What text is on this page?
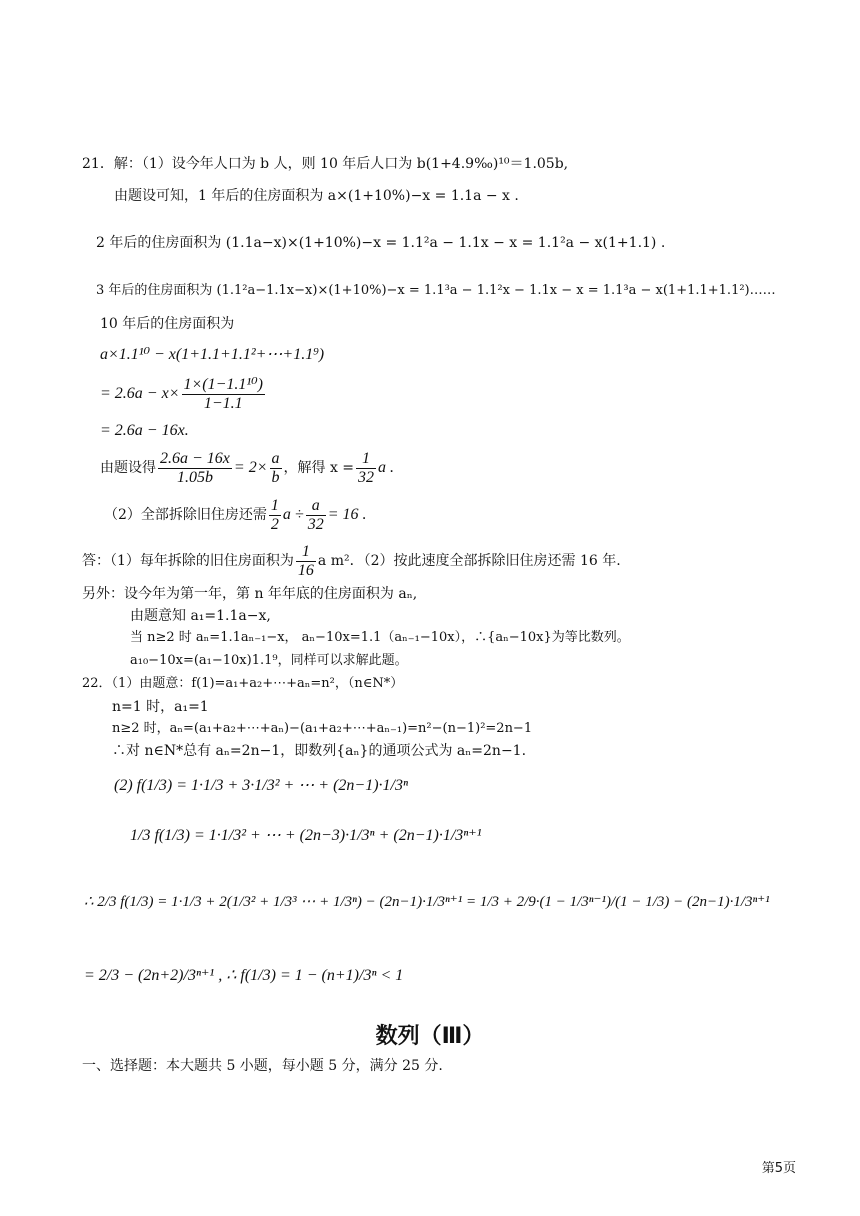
21．解：（1）设今年人口为 b 人，则 10 年后人口为 b(1+4.9‰)¹⁰＝1.05b,
由题设可知，1 年后的住房面积为 a×(1+10%)−x = 1.1a − x .
2 年后的住房面积为 (1.1a−x)×(1+10%)−x = 1.1²a − 1.1x − x = 1.1²a − x(1+1.1) .
3 年后的住房面积为 (1.1²a−1.1x−x)×(1+10%)−x = 1.1³a − 1.1²x − 1.1x − x = 1.1³a − x(1+1.1+1.1²)……
10 年后的住房面积为
a×1.1¹⁰ − x(1+1.1+1.1²+⋯+1.1⁹)
= $2.6a - x\times \frac{\text{1×(1−1.1¹⁰)}}{1-1.1}$
= 2.6a − 16x.
由题设得 $\frac{2.6a - 16x}{1.05b} = 2\times \frac{a}{b}$ ，解得 $x = \frac{1}{32}$ a .
（2）全部拆除旧住房还需 $\frac{1}{2}$ $a \div \frac{a}{32} = 16$ .
答：（1）每年拆除的旧住房面积为 $\frac{1}{16}$ a m²．（2）按此速度全部拆除旧住房还需 16 年.
另外：设今年为第一年，第 n 年年底的住房面积为 aₙ,
由题意知 a₁=1.1a−x,
当 n≥2 时 aₙ=1.1aₙ₋₁−x， aₙ−10x=1.1（aₙ₋₁−10x），∴{aₙ−10x}为等比数列。
a₁₀−10x=(a₁−10x)1.1⁹，同样可以求解此题。
22．（1）由题意：f(1)=a₁+a₂+⋯+aₙ=n²，（n∈N*）
n=1 时，a₁=1
n≥2 时，aₙ=(a₁+a₂+⋯+aₙ)−(a₁+a₂+⋯+aₙ₋₁)=n²−(n−1)²=2n−1
∴对 n∈N*总有 aₙ=2n−1，即数列{aₙ}的通项公式为 aₙ=2n−1.
(2) f(1/3) = 1·1/3 + 3·1/3² + ⋯ + (2n−1)·1/3ⁿ
1/3 f(1/3) = 1·1/3² + ⋯ + (2n−3)·1/3ⁿ + (2n−1)·1/3ⁿ⁺¹
∴ 2/3 f(1/3) = 1·1/3 + 2(1/3² + 1/3³ ⋯ + 1/3ⁿ) − (2n−1)·1/3ⁿ⁺¹ = 1/3 + 2/9·(1 − 1/3ⁿ⁻¹)/(1 − 1/3) − (2n−1)·1/3ⁿ⁺¹
= 2/3 − (2n+2)/3ⁿ⁺¹ , ∴ f(1/3) = 1 − (n+1)/3ⁿ < 1
数列（Ⅲ）
一、选择题：本大题共 5 小题，每小题 5 分，满分 25 分.
第5页
